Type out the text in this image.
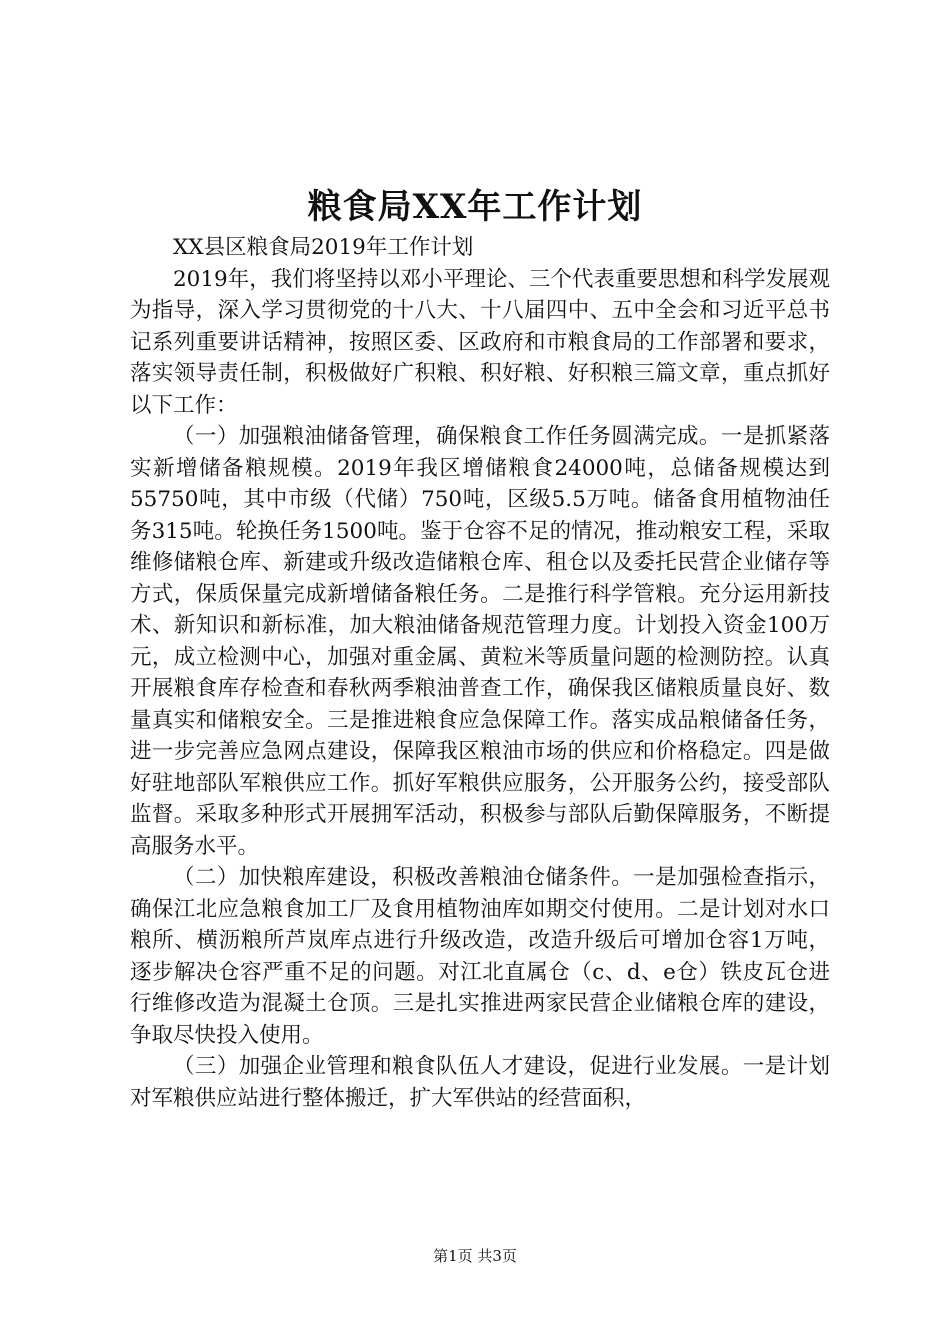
粮食局XX年工作计划

XX县区粮食局2019年工作计划

2019年，我们将坚持以邓小平理论、三个代表重要思想和科学发展观为指导，深入学习贯彻党的十八大、十八届四中、五中全会和习近平总书记系列重要讲话精神，按照区委、区政府和市粮食局的工作部署和要求，落实领导责任制，积极做好广积粮、积好粮、好积粮三篇文章，重点抓好以下工作：

（一）加强粮油储备管理，确保粮食工作任务圆满完成。一是抓紧落实新增储备粮规模。2019年我区增储粮食24000吨，总储备规模达到55750吨，其中市级（代储）750吨，区级5.5万吨。储备食用植物油任务315吨。轮换任务1500吨。鉴于仓容不足的情况，推动粮安工程，采取维修储粮仓库、新建或升级改造储粮仓库、租仓以及委托民营企业储存等方式，保质保量完成新增储备粮任务。二是推行科学管粮。充分运用新技术、新知识和新标准，加大粮油储备规范管理力度。计划投入资金100万元，成立检测中心，加强对重金属、黄粒米等质量问题的检测防控。认真开展粮食库存检查和春秋两季粮油普查工作，确保我区储粮质量良好、数量真实和储粮安全。三是推进粮食应急保障工作。落实成品粮储备任务，进一步完善应急网点建设，保障我区粮油市场的供应和价格稳定。四是做好驻地部队军粮供应工作。抓好军粮供应服务，公开服务公约，接受部队监督。采取多种形式开展拥军活动，积极参与部队后勤保障服务，不断提高服务水平。

（二）加快粮库建设，积极改善粮油仓储条件。一是加强检查指示，确保江北应急粮食加工厂及食用植物油库如期交付使用。二是计划对水口粮所、横沥粮所芦岚库点进行升级改造，改造升级后可增加仓容1万吨，逐步解决仓容严重不足的问题。对江北直属仓（c、d、e仓）铁皮瓦仓进行维修改造为混凝土仓顶。三是扎实推进两家民营企业储粮仓库的建设，争取尽快投入使用。

（三）加强企业管理和粮食队伍人才建设，促进行业发展。一是计划对军粮供应站进行整体搬迁，扩大军供站的经营面积，

第1页 共3页
